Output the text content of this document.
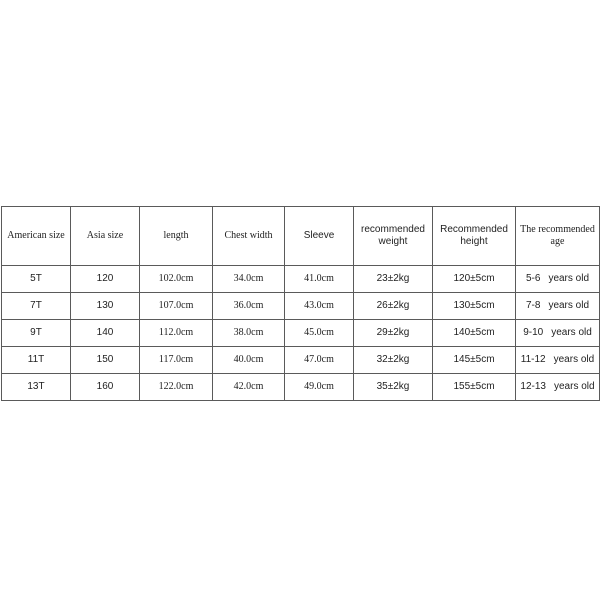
American size	Asia size	length	Chest width	Sleeve	recommended weight	Recommended height	The recommended age
5T	120	102.0cm	34.0cm	41.0cm	23±2kg	120±5cm	5-6 years old
7T	130	107.0cm	36.0cm	43.0cm	26±2kg	130±5cm	7-8 years old
9T	140	112.0cm	38.0cm	45.0cm	29±2kg	140±5cm	9-10 years old
11T	150	117.0cm	40.0cm	47.0cm	32±2kg	145±5cm	11-12 years old
13T	160	122.0cm	42.0cm	49.0cm	35±2kg	155±5cm	12-13 years old
